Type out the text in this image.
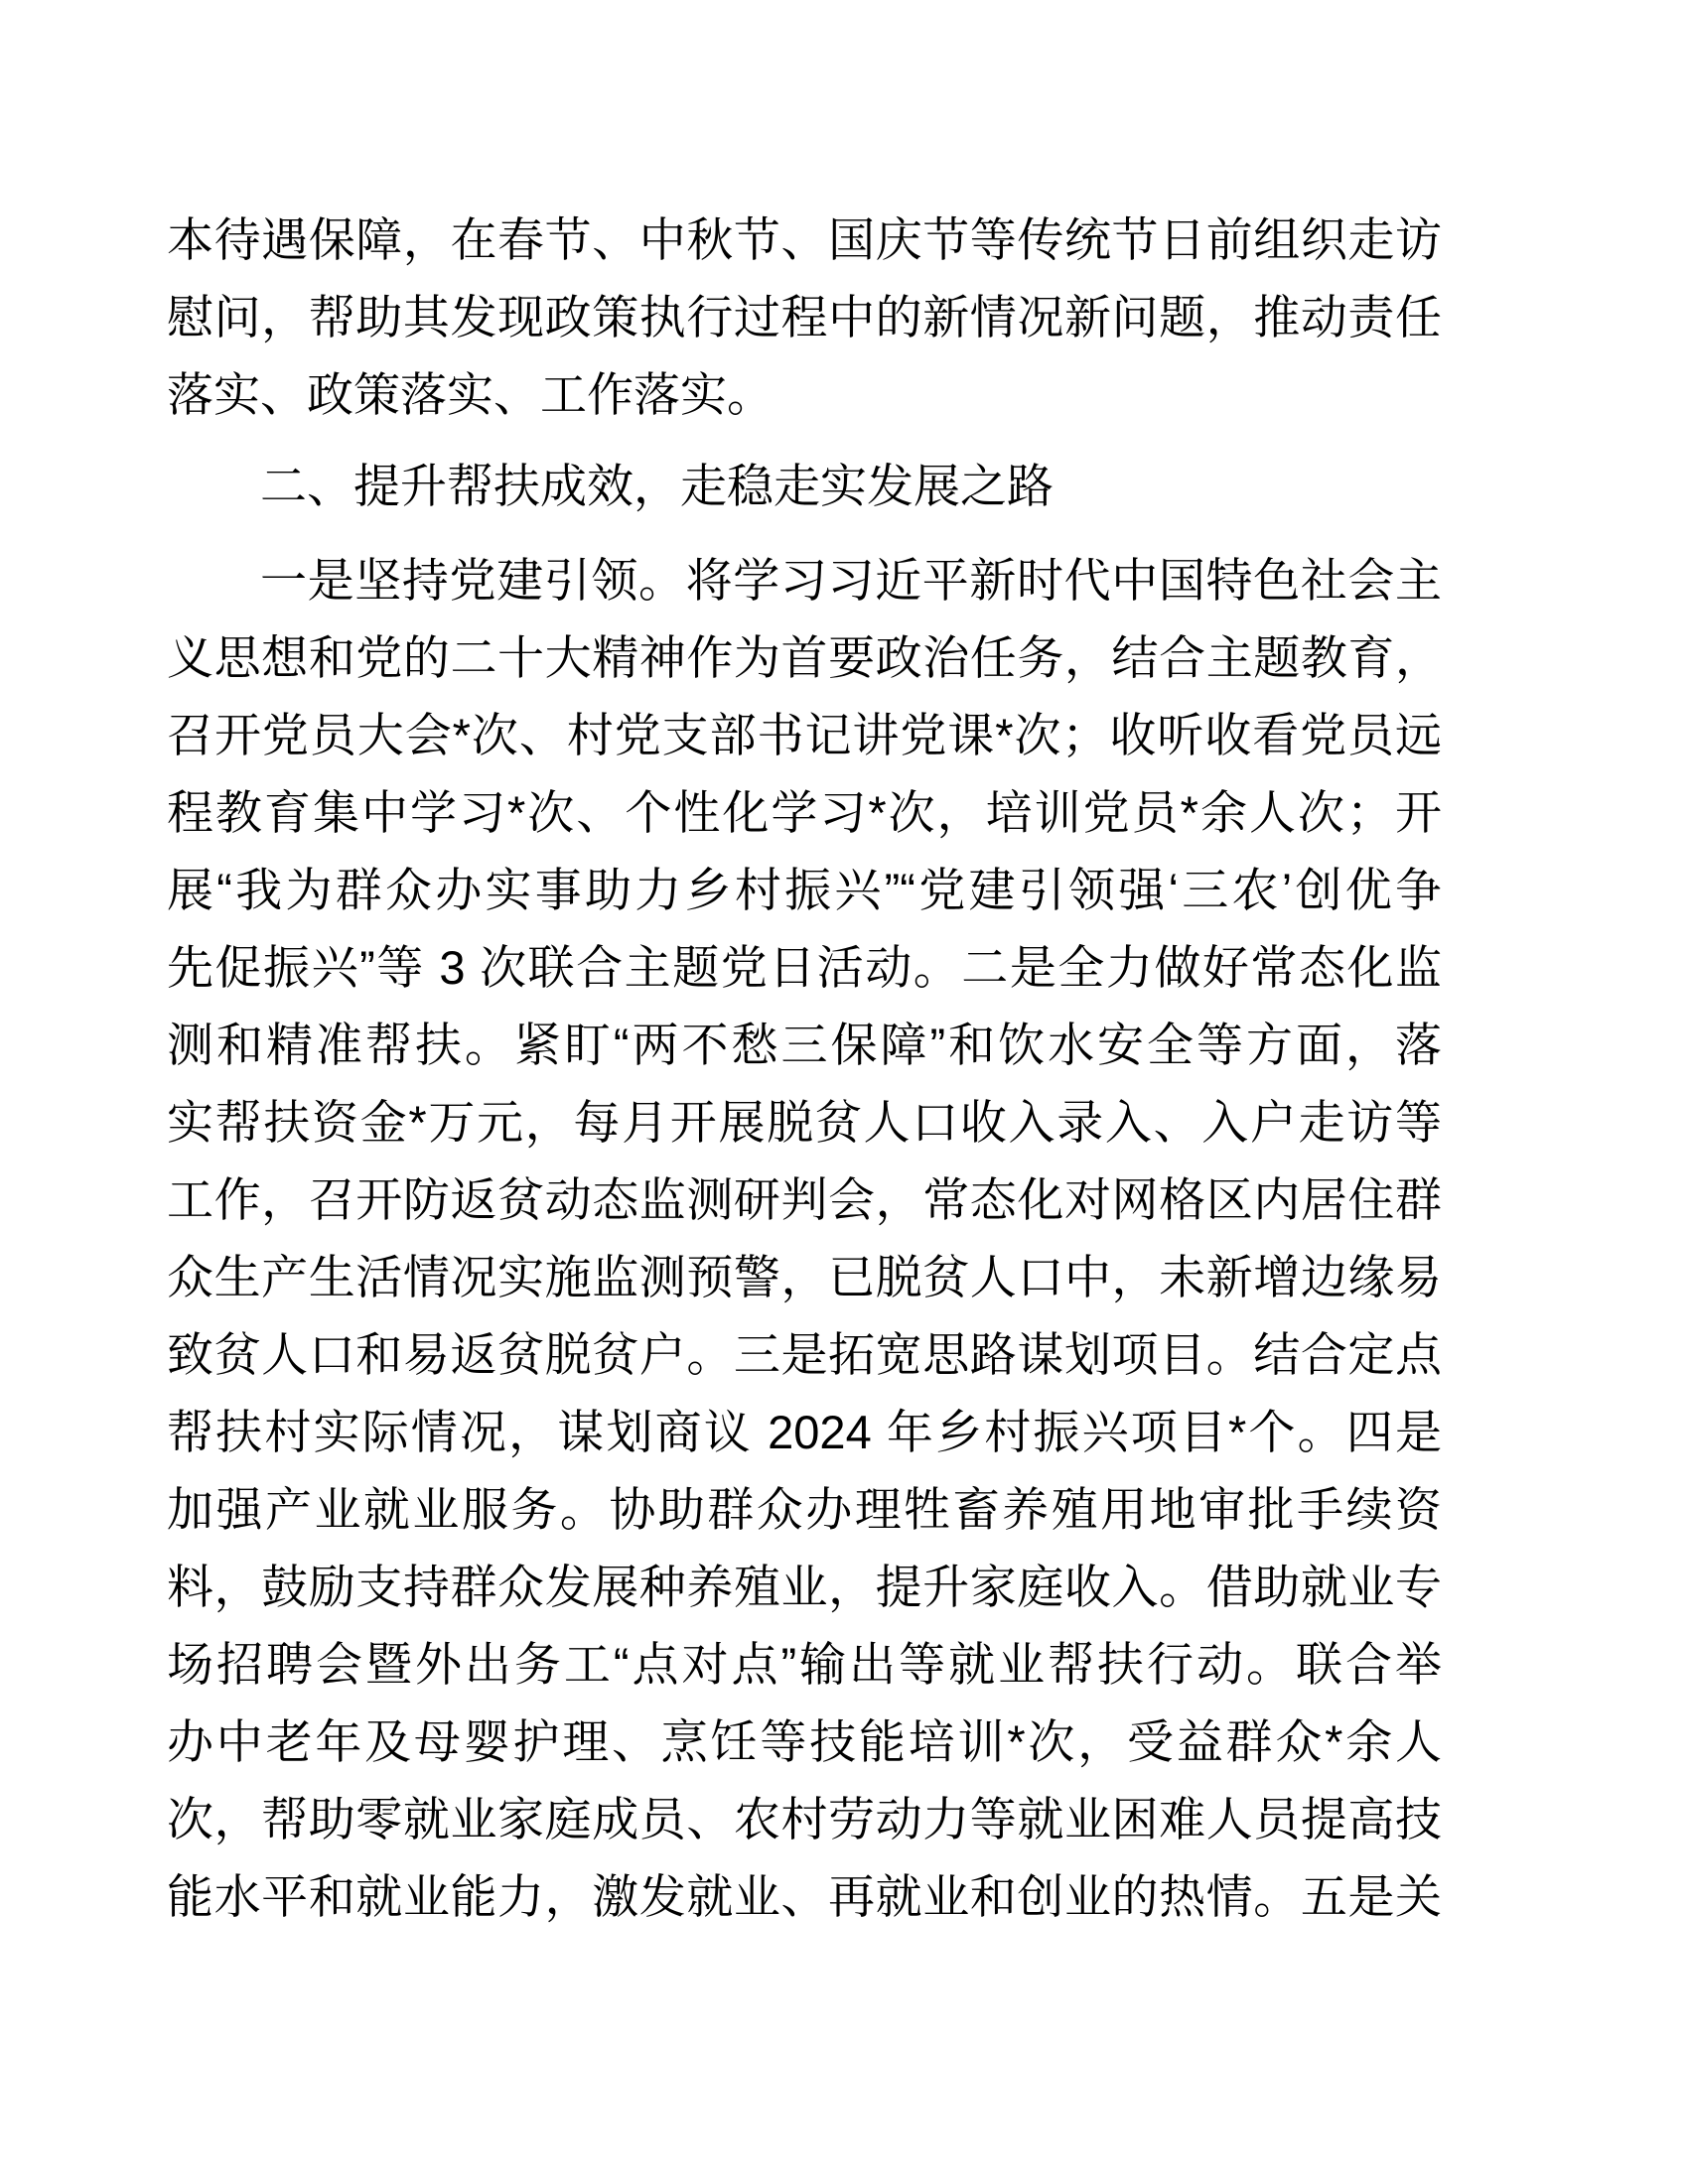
本待遇保障，在春节、中秋节、国庆节等传统节日前组织走访

慰问，帮助其发现政策执行过程中的新情况新问题，推动责任

落实、政策落实、工作落实。

二、提升帮扶成效，走稳走实发展之路

一是坚持党建引领。将学习习近平新时代中国特色社会主

义思想和党的二十大精神作为首要政治任务，结合主题教育，

召开党员大会*次、村党支部书记讲党课*次；收听收看党员远

程教育集中学习*次、个性化学习*次，培训党员*余人次；开

展“我为群众办实事助力乡村振兴”“党建引领强‘三农’创优争

先促振兴”等 3 次联合主题党日活动。二是全力做好常态化监

测和精准帮扶。紧盯“两不愁三保障”和饮水安全等方面，落

实帮扶资金*万元，每月开展脱贫人口收入录入、入户走访等

工作，召开防返贫动态监测研判会，常态化对网格区内居住群

众生产生活情况实施监测预警，已脱贫人口中，未新增边缘易

致贫人口和易返贫脱贫户。三是拓宽思路谋划项目。结合定点

帮扶村实际情况，谋划商议 2024 年乡村振兴项目*个。四是

加强产业就业服务。协助群众办理牲畜养殖用地审批手续资

料，鼓励支持群众发展种养殖业，提升家庭收入。借助就业专

场招聘会暨外出务工“点对点”输出等就业帮扶行动。联合举

办中老年及母婴护理、烹饪等技能培训*次，受益群众*余人

次，帮助零就业家庭成员、农村劳动力等就业困难人员提高技

能水平和就业能力，激发就业、再就业和创业的热情。五是关
